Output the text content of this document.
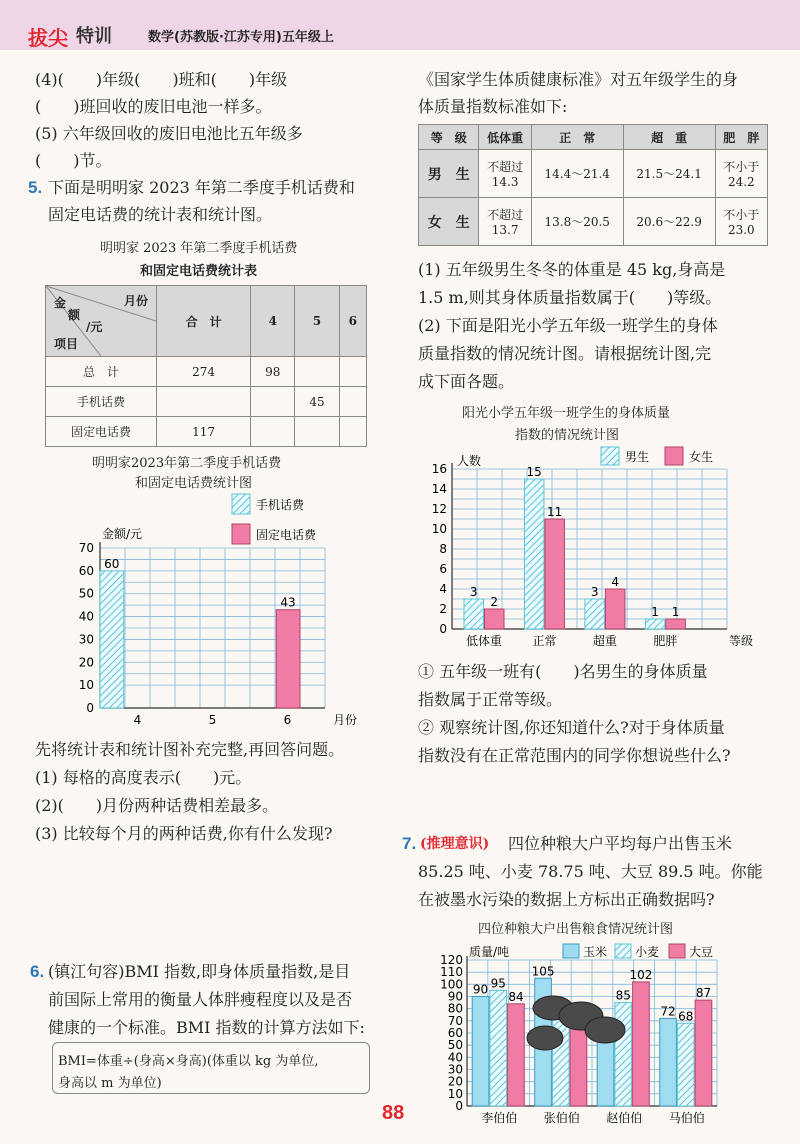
拔尖 特训	数学(苏教版·江苏专用)五年级上
(4)(　　)年级(　　)班和(　　)年级
(　　)班回收的废旧电池一样多。
(5) 六年级回收的废旧电池比五年级多
(　　)节。
5. 下面是明明家 2023 年第二季度手机话费和
固定电话费的统计表和统计图。
明明家 2023 年第二季度手机话费
和固定电话费统计表
月份
金
额
/元
项目	合　计	4	5	6
总　计	274	98		
手机话费			45	
固定电话费	117			
明明家2023年第二季度手机话费
和固定电话费统计图
手机话费
固定电话费
金额/元
0
10
20
30
40
50
60
70
4	5	6	月份
60
43
先将统计表和统计图补充完整,再回答问题。
(1) 每格的高度表示(　　)元。
(2)(　　)月份两种话费相差最多。
(3) 比较每个月的两种话费,你有什么发现?
6. (镇江句容)BMI 指数,即身体质量指数,是目
前国际上常用的衡量人体胖瘦程度以及是否
健康的一个标准。BMI 指数的计算方法如下:
BMI=体重÷(身高×身高)(体重以 kg 为单位,
身高以 m 为单位)
《国家学生体质健康标准》对五年级学生的身
体质量指数标准如下:
等　级	低体重	正　常	超　重	肥　胖
男　生	不超过
14.3	14.4～21.4	21.5～24.1	不小于
24.2
女　生	不超过
13.7	13.8～20.5	20.6～22.9	不小于
23.0
(1) 五年级男生冬冬的体重是 45 kg,身高是
1.5 m,则其身体质量指数属于(　　)等级。
(2) 下面是阳光小学五年级一班学生的身体
质量指数的情况统计图。请根据统计图,完
成下面各题。
阳光小学五年级一班学生的身体质量
指数的情况统计图
男生	女生
人数
0
2
4
6
8
10
12
14
16
低体重
3
2
正常
15
11
超重
3
4
肥胖
1 1
等级
① 五年级一班有(　　)名男生的身体质量
指数属于正常等级。
② 观察统计图,你还知道什么?对于身体质量
指数没有在正常范围内的同学你想说些什么?
7. (推理意识) 四位种粮大户平均每户出售玉米
85.25 吨、小麦 78.75 吨、大豆 89.5 吨。你能
在被墨水污染的数据上方标出正确数据吗?
四位种粮大户出售粮食情况统计图
质量/吨	玉米 小麦 大豆
0
10
20
30
40
50
60
70
80
90
100
110
120
李伯伯
90 95
84
张伯伯
105
赵伯伯
85
102
马伯伯
72 68
87
88
